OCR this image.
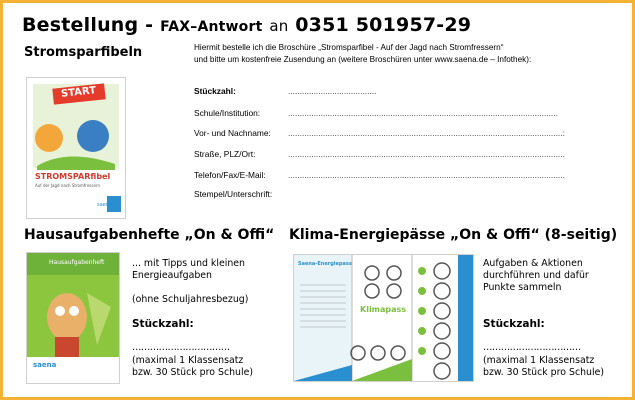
Bestellung - FAX–Antwort an 0351 501957-29
Stromsparfibeln
START
STROMSPARfibel
Auf der Jagd nach Stromfressern
saena
Hiermit bestelle ich die Broschüre „Stromsparfibel - Auf der Jagd nach Stromfressern“
und bitte um kostenfreie Zusendung an (weitere Broschüren unter www.saena.de – Infothek):
Stückzahl:	......................................
Schule/Institution:	....................................................................................................................
Vor- und Nachname: ......................................................................................................................:
Straße, PLZ/Ort:	.......................................................................................................................
Telefon/Fax/E-Mail:	.......................................................................................................................
Stempel/Unterschrift:
Hausaufgabenhefte „On & Offi“
Hausaufgabenheft
saena
... mit Tipps und kleinen
Energieaufgaben
(ohne Schuljahresbezug)
Stückzahl:
……………………………
(maximal 1 Klassensatz
bzw. 30 Stück pro Schule)
Klima-Energiepässe „On & Offi“ (8-seitig)
Saena-Energiepass
Klimapass
Aufgaben & Aktionen
durchführen und dafür
Punkte sammeln
Stückzahl:
……………………………
(maximal 1 Klassensatz
bzw. 30 Stück pro Schule)
